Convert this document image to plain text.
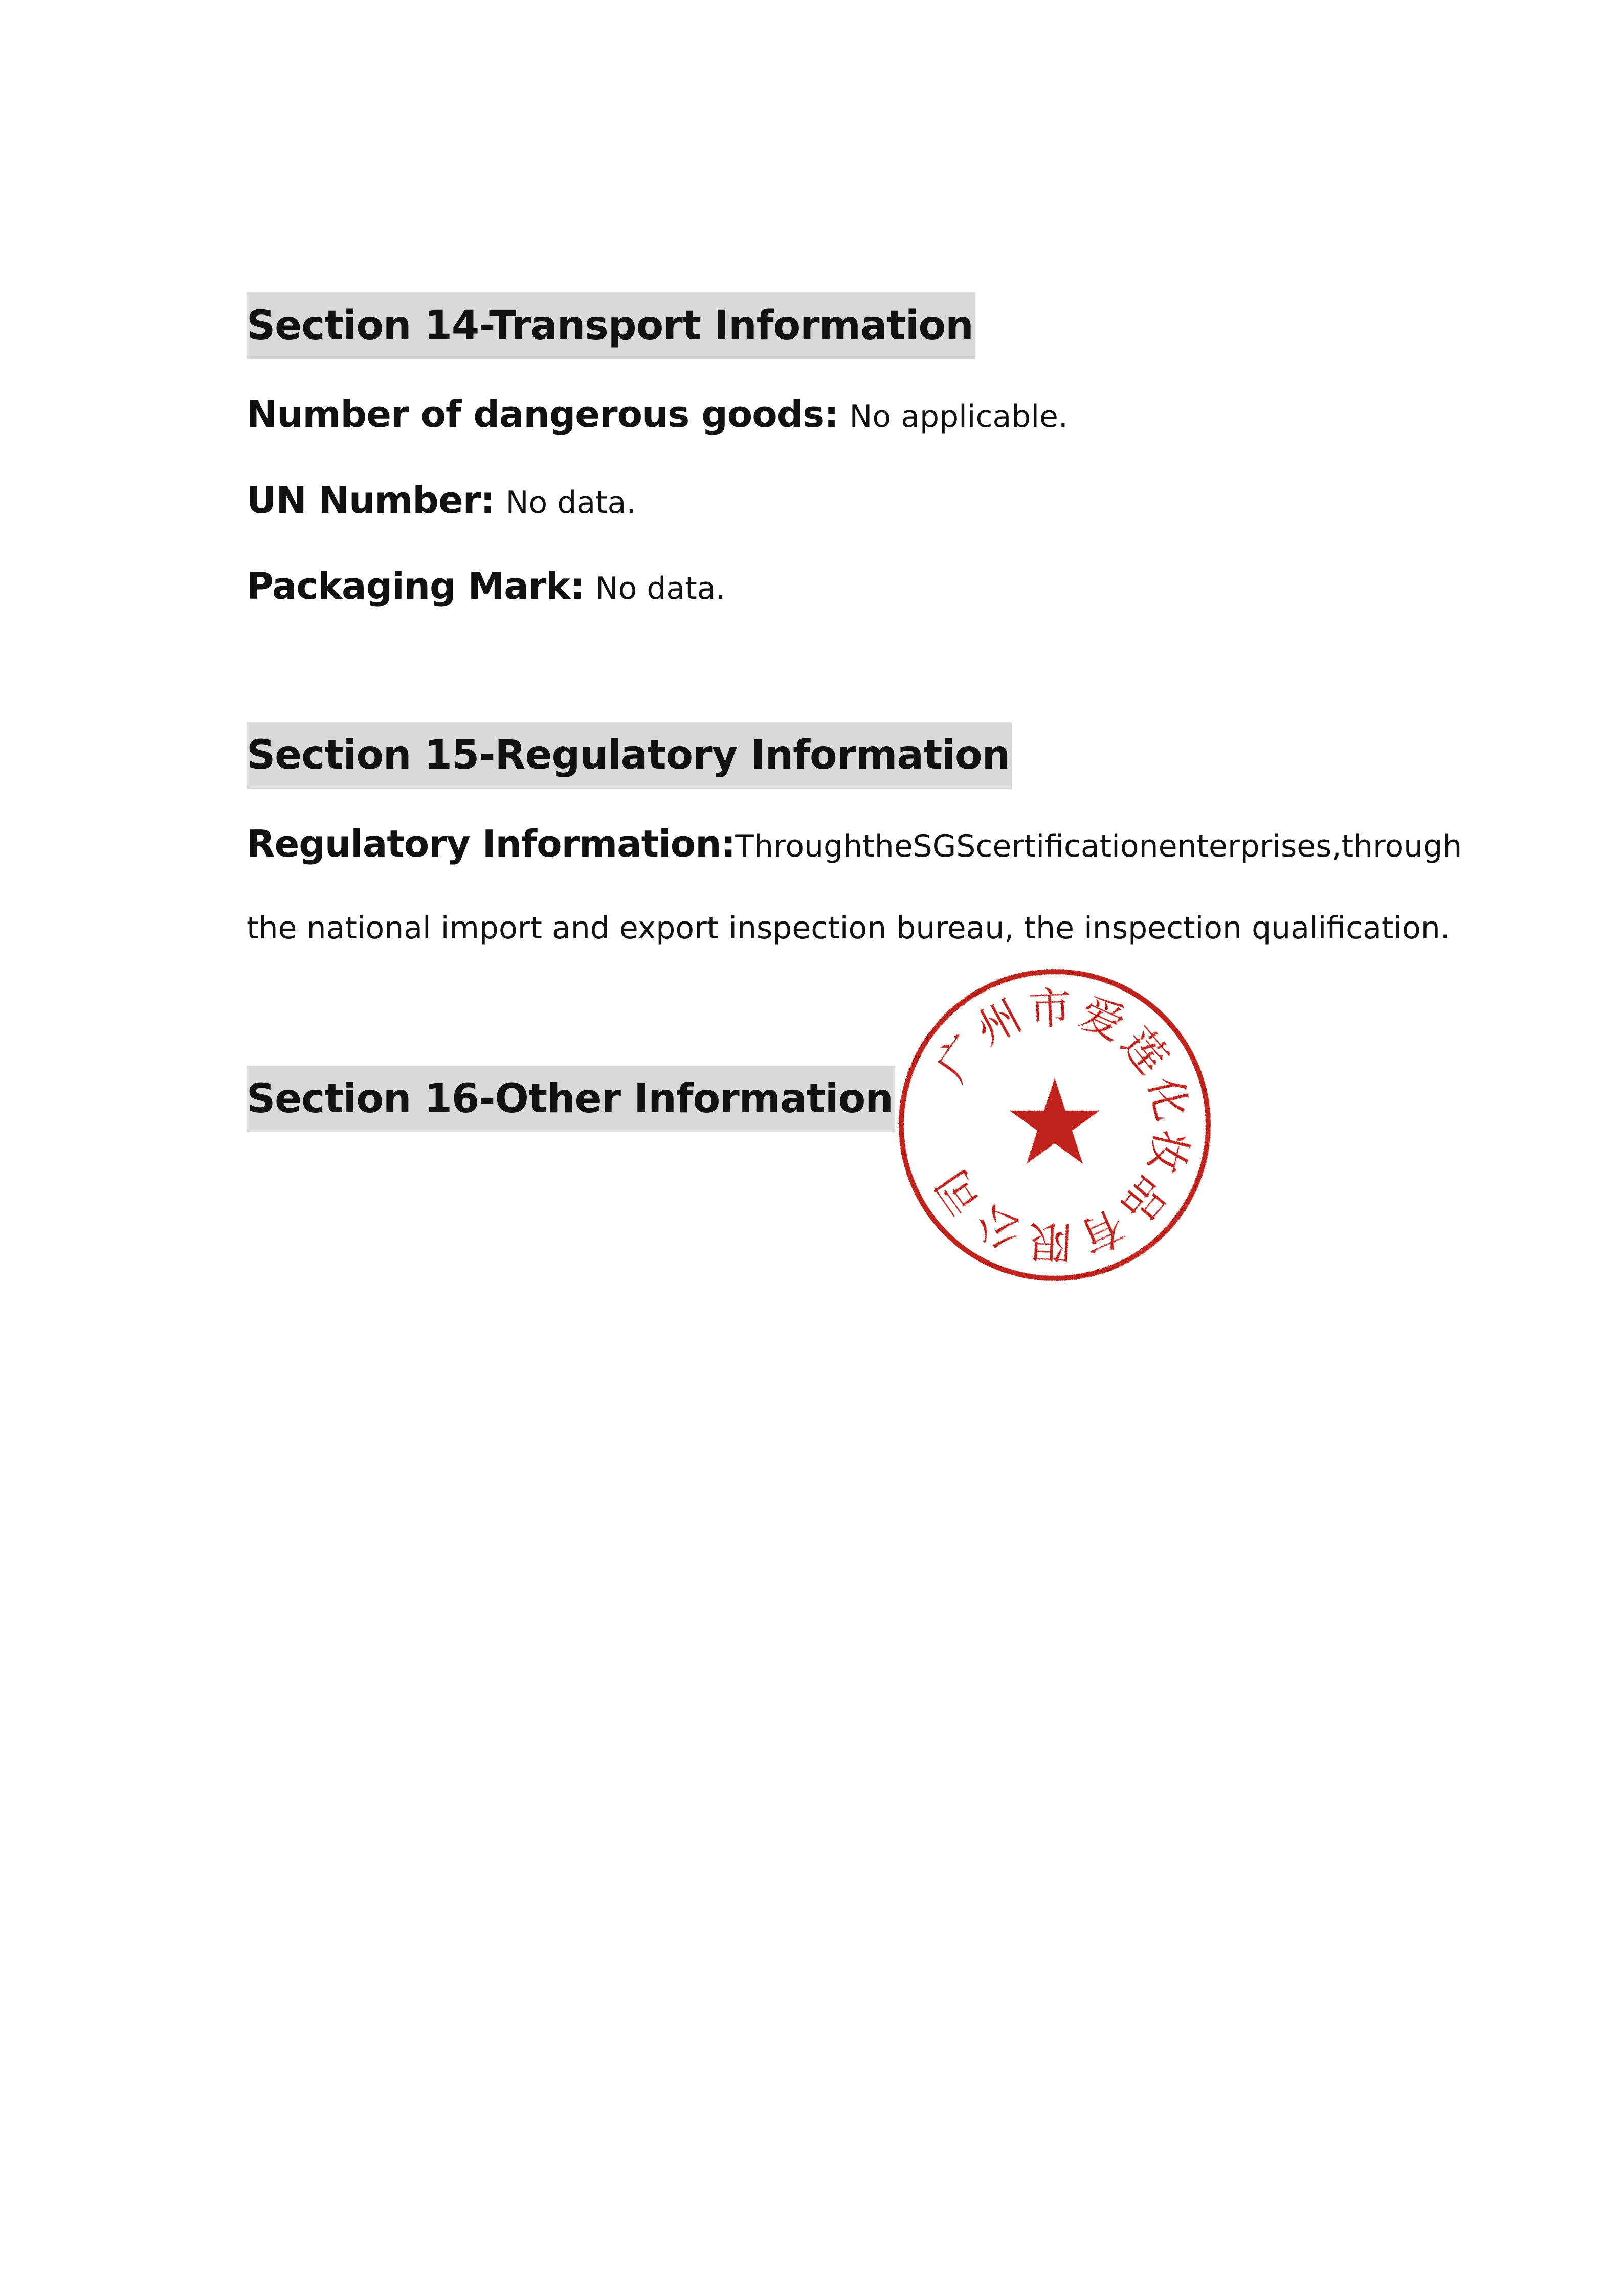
Section 14-Transport Information
Number of dangerous goods: No applicable.
UN Number: No data.
Packaging Mark: No data.
Section 15-Regulatory Information
Regulatory Information: Through the SGS certification enterprises, through
the national import and export inspection bureau, the inspection qualification.
Section 16-Other Information
广
州
市 爱
莲
化
妆
品
有
限
公
司
